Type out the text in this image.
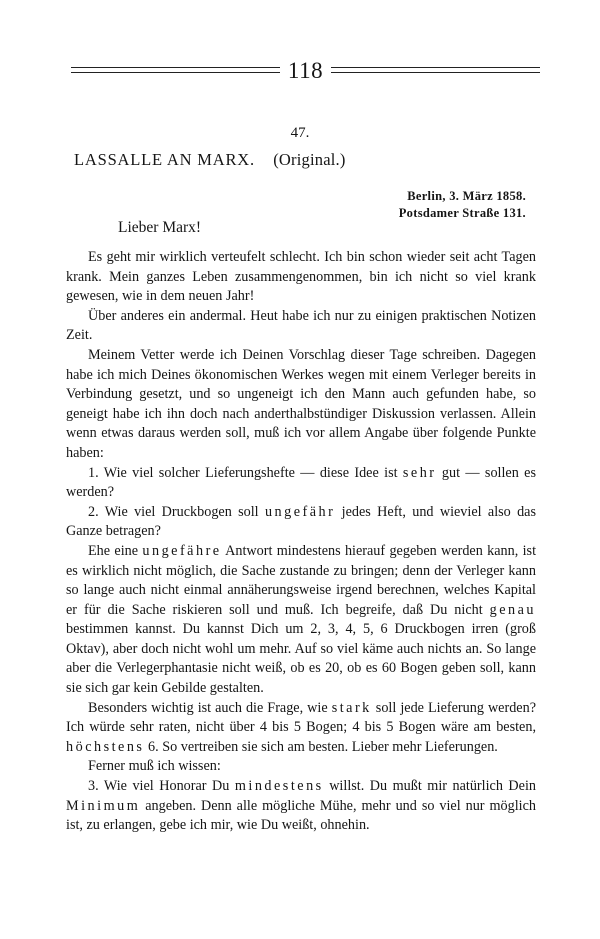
118
47.
LASSALLE AN MARX. (Original.)
Berlin, 3. März 1858.
Potsdamer Straße 131.
Lieber Marx!

Es geht mir wirklich verteufelt schlecht. Ich bin schon wieder seit acht Tagen krank. Mein ganzes Leben zusammengenommen, bin ich nicht so viel krank gewesen, wie in dem neuen Jahr!

Über anderes ein andermal. Heut habe ich nur zu einigen praktischen Notizen Zeit.

Meinem Vetter werde ich Deinen Vorschlag dieser Tage schreiben. Dagegen habe ich mich Deines ökonomischen Werkes wegen mit einem Verleger bereits in Verbindung gesetzt, und so ungeneigt ich den Mann auch gefunden habe, so geneigt habe ich ihn doch nach anderthalbstündiger Diskussion verlassen. Allein wenn etwas daraus werden soll, muß ich vor allem Angabe über folgende Punkte haben:

1. Wie viel solcher Lieferungshefte — diese Idee ist sehr gut — sollen es werden?

2. Wie viel Druckbogen soll ungefähr jedes Heft, und wieviel also das Ganze betragen?

Ehe eine ungefähre Antwort mindestens hierauf gegeben werden kann, ist es wirklich nicht möglich, die Sache zustande zu bringen; denn der Verleger kann so lange auch nicht einmal annäherungsweise irgend berechnen, welches Kapital er für die Sache riskieren soll und muß. Ich begreife, daß Du nicht genau bestimmen kannst. Du kannst Dich um 2, 3, 4, 5, 6 Druckbogen irren (groß Oktav), aber doch nicht wohl um mehr. Auf so viel käme auch nichts an. So lange aber die Verlegerphantasie nicht weiß, ob es 20, ob es 60 Bogen geben soll, kann sie sich gar kein Gebilde gestalten.

Besonders wichtig ist auch die Frage, wie stark soll jede Lieferung werden? Ich würde sehr raten, nicht über 4 bis 5 Bogen; 4 bis 5 Bogen wäre am besten, höchstens 6. So vertreiben sie sich am besten. Lieber mehr Lieferungen.

Ferner muß ich wissen:

3. Wie viel Honorar Du mindestens willst. Du mußt mir natürlich Dein Minimum angeben. Denn alle mögliche Mühe, mehr und so viel nur möglich ist, zu erlangen, gebe ich mir, wie Du weißt, ohnehin.
